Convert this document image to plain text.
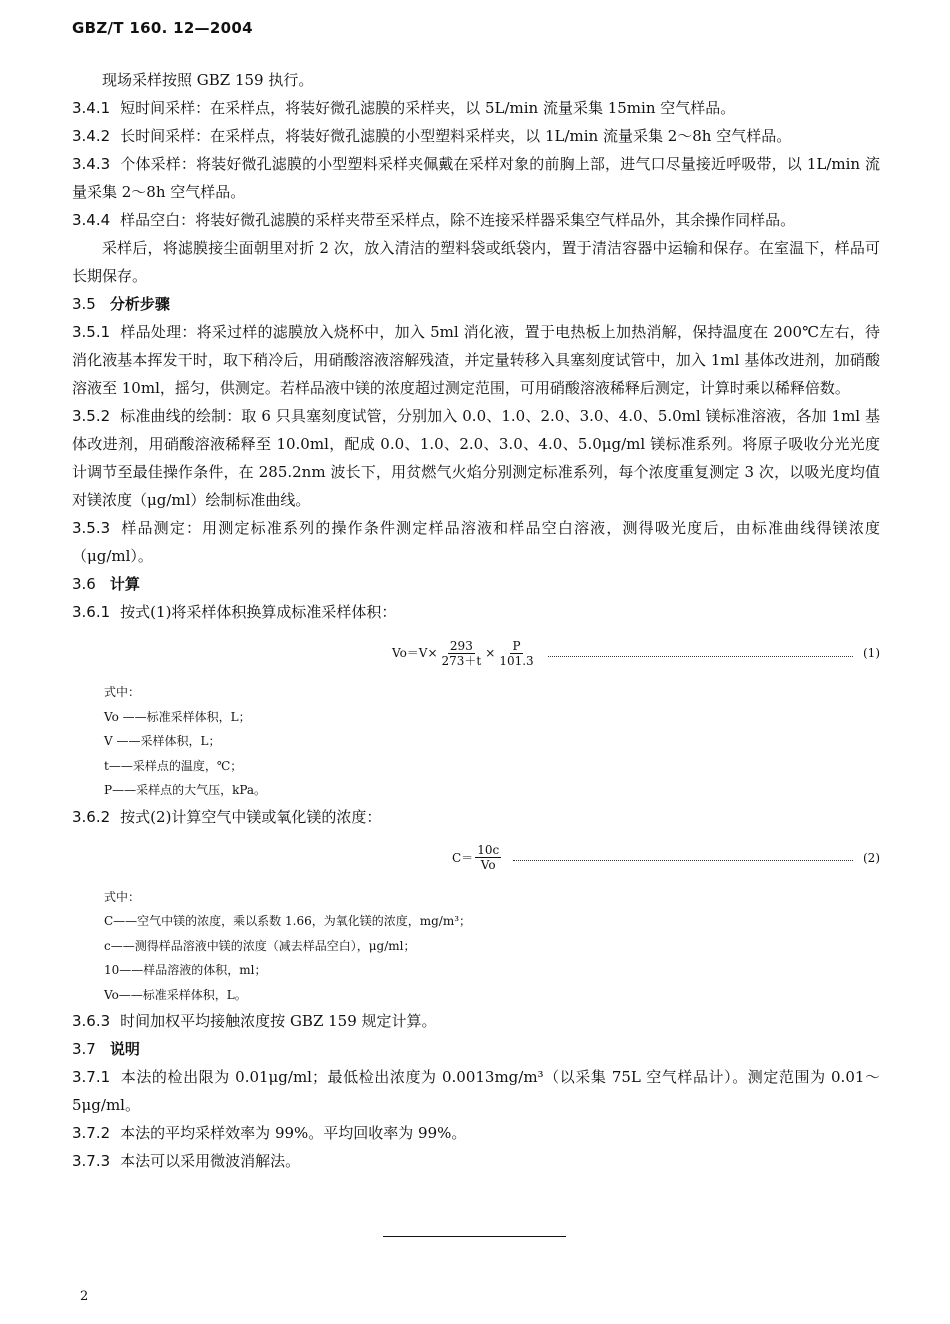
GBZ/T 160. 12—2004

现场采样按照 GBZ 159 执行。

3.4.1 短时间采样：在采样点，将装好微孔滤膜的采样夹，以 5L/min 流量采集 15min 空气样品。

3.4.2 长时间采样：在采样点，将装好微孔滤膜的小型塑料采样夹，以 1L/min 流量采集 2～8h 空气样品。

3.4.3 个体采样：将装好微孔滤膜的小型塑料采样夹佩戴在采样对象的前胸上部，进气口尽量接近呼吸带，以 1L/min 流量采集 2～8h 空气样品。

3.4.4 样品空白：将装好微孔滤膜的采样夹带至采样点，除不连接采样器采集空气样品外，其余操作同样品。

采样后，将滤膜接尘面朝里对折 2 次，放入清洁的塑料袋或纸袋内，置于清洁容器中运输和保存。在室温下，样品可长期保存。

3.5 分析步骤

3.5.1 样品处理：将采过样的滤膜放入烧杯中，加入 5ml 消化液，置于电热板上加热消解，保持温度在 200℃左右，待消化液基本挥发干时，取下稍冷后，用硝酸溶液溶解残渣，并定量转移入具塞刻度试管中，加入 1ml 基体改进剂，加硝酸溶液至 10ml，摇匀，供测定。若样品液中镁的浓度超过测定范围，可用硝酸溶液稀释后测定，计算时乘以稀释倍数。

3.5.2 标准曲线的绘制：取 6 只具塞刻度试管，分别加入 0.0、1.0、2.0、3.0、4.0、5.0ml 镁标准溶液，各加 1ml 基体改进剂，用硝酸溶液稀释至 10.0ml，配成 0.0、1.0、2.0、3.0、4.0、5.0μg/ml 镁标准系列。将原子吸收分光光度计调节至最佳操作条件，在 285.2nm 波长下，用贫燃气火焰分别测定标准系列，每个浓度重复测定 3 次，以吸光度均值对镁浓度（μg/ml）绘制标准曲线。

3.5.3 样品测定：用测定标准系列的操作条件测定样品溶液和样品空白溶液，测得吸光度后，由标准曲线得镁浓度（μg/ml）。

3.6 计算

3.6.1 按式(1)将采样体积换算成标准采样体积：

$Vo=V\times \frac{293}{273+t} \times \frac{P}{101.3}$	(1)

式中：

Vo ——标准采样体积，L；

V ——采样体积，L；

t——采样点的温度，℃；

P——采样点的大气压，kPa。

3.6.2 按式(2)计算空气中镁或氧化镁的浓度：

$C= \frac{10c}{Vo}$	(2)

式中：

C——空气中镁的浓度，乘以系数 1.66，为氧化镁的浓度，mg/m³；

c——测得样品溶液中镁的浓度（减去样品空白），μg/ml；

10——样品溶液的体积，ml；

Vo——标准采样体积，L。

3.6.3 时间加权平均接触浓度按 GBZ 159 规定计算。

3.7 说明

3.7.1 本法的检出限为 0.01μg/ml；最低检出浓度为 0.0013mg/m³（以采集 75L 空气样品计）。测定范围为 0.01～5μg/ml。

3.7.2 本法的平均采样效率为 99%。平均回收率为 99%。

3.7.3 本法可以采用微波消解法。

2
